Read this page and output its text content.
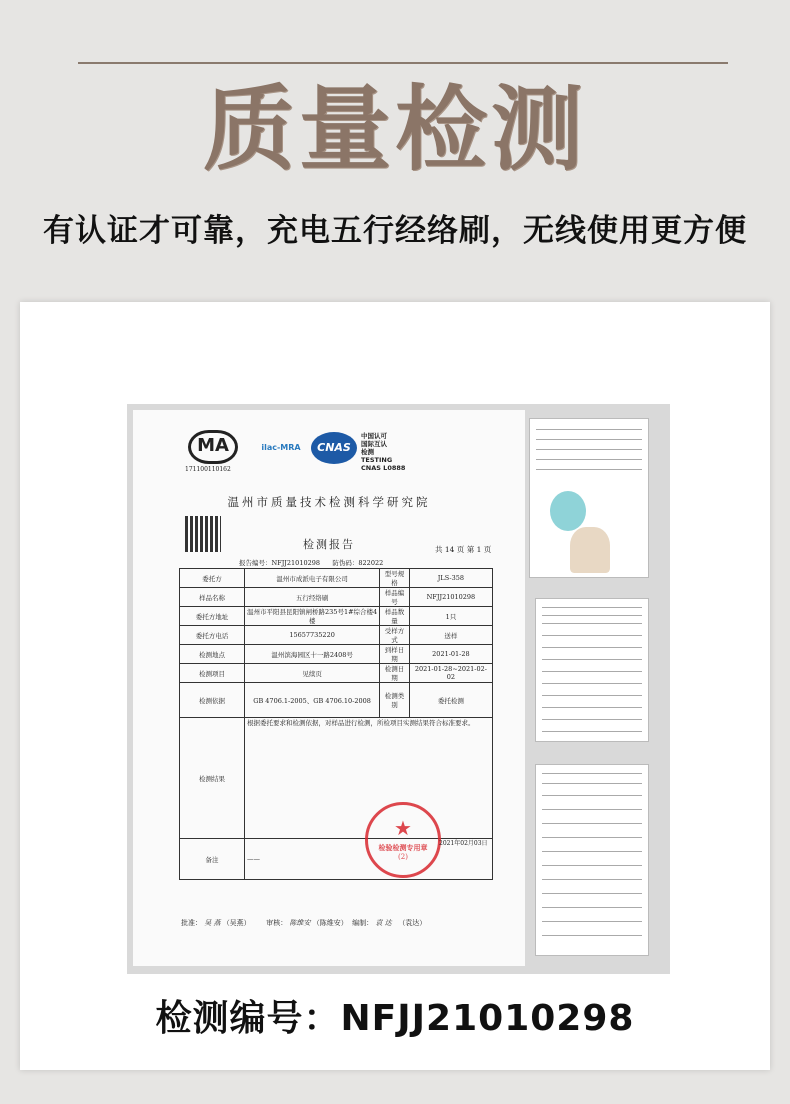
质量检测
有认证才可靠，充电五行经络刷，无线使用更方便
MA
171100110162
ilac-MRA	CNAS
中国认可
国际互认
检测
TESTING
CNAS L0888
温州市质量技术检测科学研究院
检测报告	共 14 页 第 1 页
报告编号：NFJJ21010298 防伪码：822022
委托方	温州市成派电子有限公司	型号规格	JLS-358
样品名称	五行经络刷	样品编号	NFJJ21010298
委托方地址	温州市平阳县昆阳镇闸桥路235号1#综合楼4楼	样品数量	1只
委托方电话	15657735220	受样方式	送样
检测地点	温州滨海园区十一路2408号	到样日期	2021-01-28
检测项目	见续页	检测日期	2021-01-28~2021-02-02
检测依据	GB 4706.1-2005、GB 4706.10-2008	检测类别	委托检测
检测结果	根据委托要求和检测依据，对样品进行检测，所检项目实测结果符合标准要求。		
备注	——		
★
检验检测专用章
(2)
2021年02月03日
批准： 吴 燕 （吴燕） 审核： 陈维安 （陈维安） 编制： 袁 达   （袁达）
检测编号：NFJJ21010298
